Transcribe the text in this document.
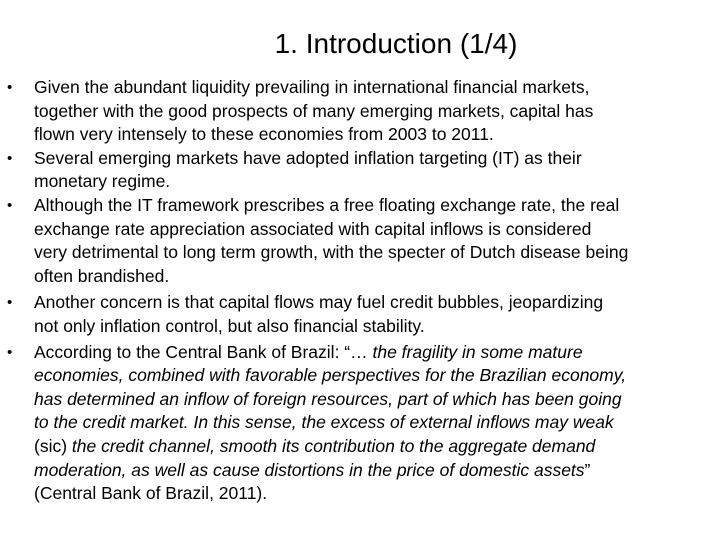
1. Introduction (1/4)
• Given the abundant liquidity prevailing in international financial markets,
together with the good prospects of many emerging markets, capital has
flown very intensely to these economies from 2003 to 2011.
• Several emerging markets have adopted inflation targeting (IT) as their
monetary regime.
• Although the IT framework prescribes a free floating exchange rate, the real
exchange rate appreciation associated with capital inflows is considered
very detrimental to long term growth, with the specter of Dutch disease being
often brandished.
• Another concern is that capital flows may fuel credit bubbles, jeopardizing
not only inflation control, but also financial stability.
• According to the Central Bank of Brazil: “… the fragility in some mature
economies, combined with favorable perspectives for the Brazilian economy,
has determined an inflow of foreign resources, part of which has been going
to the credit market. In this sense, the excess of external inflows may weak
(sic) the credit channel, smooth its contribution to the aggregate demand
moderation, as well as cause distortions in the price of domestic assets”
(Central Bank of Brazil, 2011).
